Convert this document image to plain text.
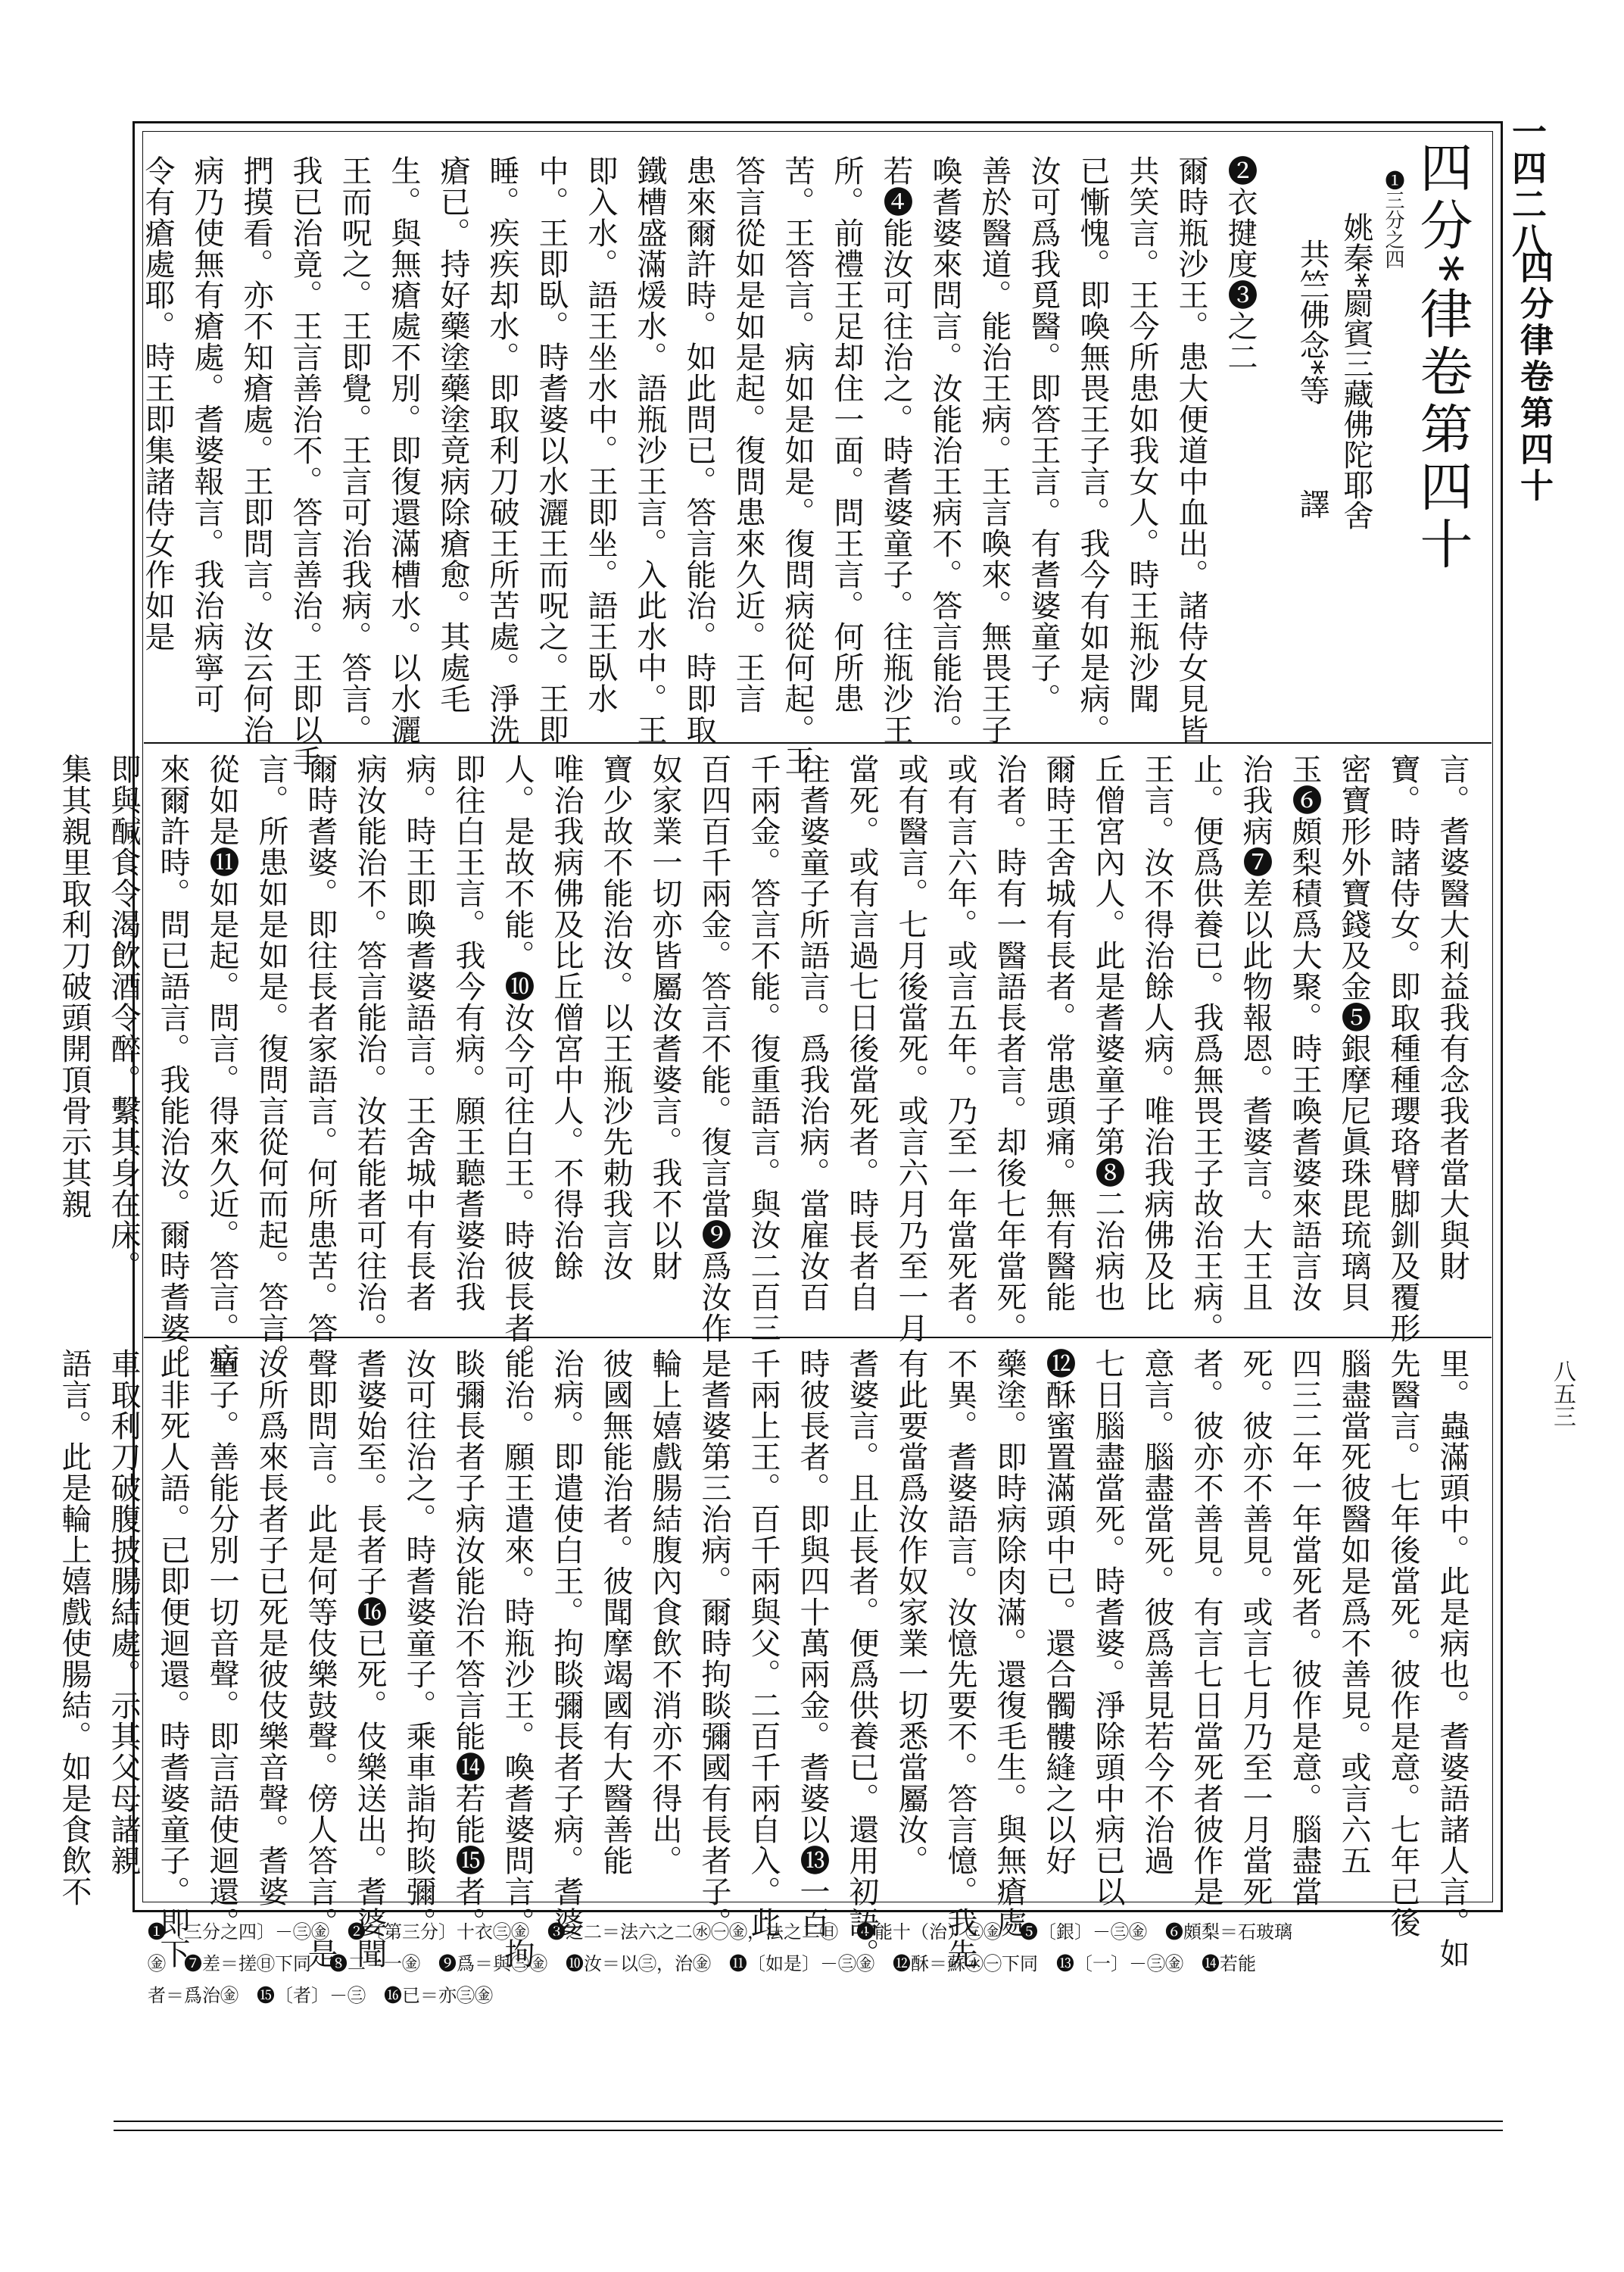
一四二八
四分律卷第四十
八五三
四分*律卷第四十
❶三分之四
姚秦*罽賓三藏佛陀耶舍
共竺佛念*等譯
❷衣揵度❸之二
爾時瓶沙王。患大便道中血出。諸侍女見皆
共笑言。王今所患如我女人。時王瓶沙聞
已慚愧。即喚無畏王子言。我今有如是病。
汝可爲我覓醫。即答王言。有耆婆童子。
善於醫道。能治王病。王言喚來。無畏王子
喚耆婆來問言。汝能治王病不。答言能治。
若❹能汝可往治之。時耆婆童子。往瓶沙王
所。前禮王足却住一面。問王言。何所患
苦。王答言。病如是如是。復問病從何起。王
答言從如是如是起。復問患來久近。王言
患來爾許時。如此問已。答言能治。時即取
鐵槽盛滿煖水。語瓶沙王言。入此水中。王
即入水。語王坐水中。王即坐。語王臥水
中。王即臥。時耆婆以水灑王而呪之。王即
睡。疾疾却水。即取利刀破王所苦處。淨洗
瘡已。持好藥塗藥塗竟病除瘡愈。其處毛
生。與無瘡處不別。即復還滿槽水。以水灑
王而呪之。王即覺。王言可治我病。答言。
我已治竟。王言善治不。答言善治。王即以手
捫摸看。亦不知瘡處。王即問言。汝云何治
病乃使無有瘡處。耆婆報言。我治病寧可
令有瘡處耶。時王即集諸侍女作如是
言。耆婆醫大利益我有念我者當大與財
寶。時諸侍女。即取種種瓔珞臂脚釧及覆形
密寶形外寶錢及金❺銀摩尼眞珠毘琉璃貝
玉❻頗梨積爲大聚。時王喚耆婆來語言汝
治我病❼差以此物報恩。耆婆言。大王且
止。便爲供養已。我爲無畏王子故治王病。
王言。汝不得治餘人病。唯治我病佛及比
丘僧宮內人。此是耆婆童子第❽二治病也
爾時王舍城有長者。常患頭痛。無有醫能
治者。時有一醫語長者言。却後七年當死。
或有言六年。或言五年。乃至一年當死者。
或有醫言。七月後當死。或言六月乃至一月
當死。或有言過七日後當死者。時長者自
往耆婆童子所語言。爲我治病。當雇汝百
千兩金。答言不能。復重語言。與汝二百三
百四百千兩金。答言不能。復言當❾爲汝作
奴家業一切亦皆屬汝耆婆言。我不以財
寶少故不能治汝。以王瓶沙先勅我言汝
唯治我病佛及比丘僧宮中人。不得治餘
人。是故不能。❿汝今可往白王。時彼長者。
即往白王言。我今有病。願王聽耆婆治我
病。時王即喚耆婆語言。王舍城中有長者
病汝能治不。答言能治。汝若能者可往治。
爾時耆婆。即往長者家語言。何所患苦。答
言。所患如是如是。復問言從何而起。答言。
從如是⓫如是起。問言。得來久近。答言。病
來爾許時。問已語言。我能治汝。爾時耆婆。
即與醎食令渴飲酒令醉。繫其身在床。
集其親里取利刀破頭開頂骨示其親
里。蟲滿頭中。此是病也。耆婆語諸人言。如
先醫言。七年後當死。彼作是意。七年已後
腦盡當死彼醫如是爲不善見。或言六五
四三二年一年當死者。彼作是意。腦盡當
死。彼亦不善見。或言七月乃至一月當死
者。彼亦不善見。有言七日當死者彼作是
意言。腦盡當死。彼爲善見若今不治過
七日腦盡當死。時耆婆。淨除頭中病已以
⓬酥蜜置滿頭中已。還合髑髏縫之以好
藥塗。即時病除肉滿。還復毛生。與無瘡處
不異。耆婆語言。汝憶先要不。答言憶。我先
有此要當爲汝作奴家業一切悉當屬汝。
耆婆言。且止長者。便爲供養已。還用初語。
時彼長者。即與四十萬兩金。耆婆以⓭一百
千兩上王。百千兩與父。二百千兩自入。此
是耆婆第三治病。爾時拘睒彌國有長者子。
輪上嬉戲腸結腹內食飲不消亦不得出。
彼國無能治者。彼聞摩竭國有大醫善能
治病。即遣使白王。拘睒彌長者子病。耆婆
能治。願王遣來。時瓶沙王。喚耆婆問言。拘
睒彌長者子病汝能治不答言能⓮若能⓯者。
汝可往治之。時耆婆童子。乘車詣拘睒彌。
耆婆始至。長者子⓰已死。伎樂送出。耆婆聞
聲即問言。此是何等伎樂鼓聲。傍人答言。是
汝所爲來長者子已死是彼伎樂音聲。耆婆
童子。善能分別一切音聲。即言語使迴還。
此非死人語。已即便迴還。時耆婆童子。即下
車取利刀破腹披腸結處。示其父母諸親
語言。此是輪上嬉戲使腸結。如是食飲不
❶〔三分之四〕－㊂㊎　❷〔第三分〕十衣㊂㊎　❸之二＝法六之二㊌㊀㊎，法之二㊐　❹能十（治）㊂㊎　❺〔銀〕－㊂㊎　❻頗梨＝石玻璃
㊎　❼差＝搓㊐下同　❽二＝一㊎　❾爲＝與㊂㊎　❿汝＝以㊂，治㊎　⓫〔如是〕－㊂㊎　⓬酥＝蘇㊌㊀下同　⓭〔一〕－㊂㊎　⓮若能
者＝爲治㊎　⓯〔者〕－㊂　⓰已＝亦㊂㊎
